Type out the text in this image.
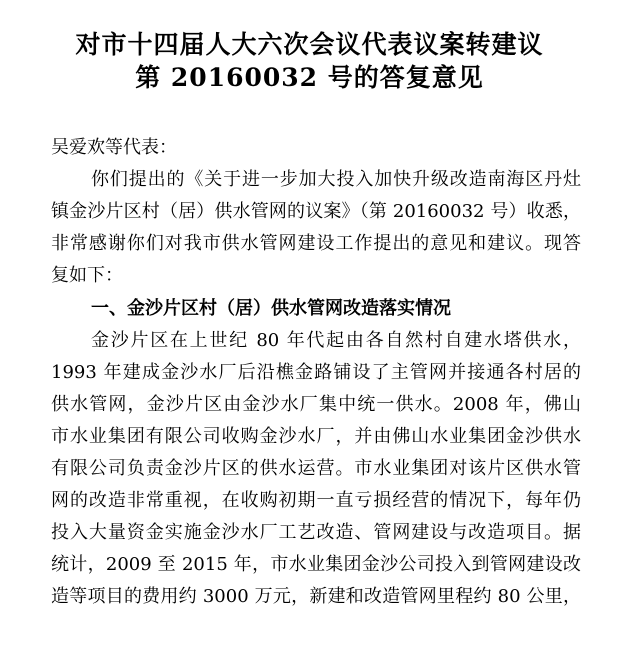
对市十四届人大六次会议代表议案转建议
第 20160032 号的答复意见
吴爱欢等代表：
你们提出的《关于进一步加大投入加快升级改造南海区丹灶
镇金沙片区村（居）供水管网的议案》（第 20160032 号）收悉，
非常感谢你们对我市供水管网建设工作提出的意见和建议。现答
复如下：
一、金沙片区村（居）供水管网改造落实情况
金沙片区在上世纪 80 年代起由各自然村自建水塔供水，
1993 年建成金沙水厂后沿樵金路铺设了主管网并接通各村居的
供水管网，金沙片区由金沙水厂集中统一供水。2008 年，佛山
市水业集团有限公司收购金沙水厂，并由佛山水业集团金沙供水
有限公司负责金沙片区的供水运营。市水业集团对该片区供水管
网的改造非常重视，在收购初期一直亏损经营的情况下，每年仍
投入大量资金实施金沙水厂工艺改造、管网建设与改造项目。据
统计，2009 至 2015 年，市水业集团金沙公司投入到管网建设改
造等项目的费用约 3000 万元，新建和改造管网里程约 80 公里，
